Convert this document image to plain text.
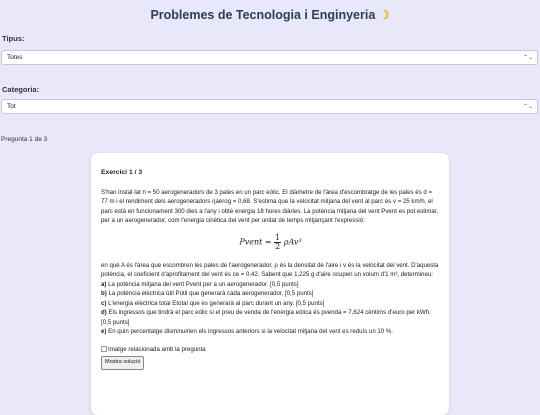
Problemes de Tecnologia i Enginyeria ☽
Tipus:
Totes	⌃⌄
Categoria:
Tot	⌃⌄
Pregunta 1 de 3
Exercici 1 / 3

S'han instal·lat n = 50 aerogeneradors de 3 pales en un parc eòlic. El diàmetre de l'àrea d'escombratge de les pales és d = 77 m i el rendiment dels aerogeneradors ηaerog = 0,68. S'estima que la velocitat mitjana del vent al parc és v = 25 km/h, el parc està en funcionament 300 dies a l'any i obté energia 18 hores diàries. La potència mitjana del vent Pvent es pot estimar, per a un aerogenerador, com l'energia cinètica del vent per unitat de temps mitjançant l'expressió:

Pvent = $\frac{1}{2} \rho Av^3$

en què A és l'àrea que escombren les pales de l'aerogenerador, ρ és la densitat de l'aire i v és la velocitat del vent. D'aquesta potència, el coeficient d'aprofitament del vent és ce = 0,42. Sabent que 1,225 g d'aire ocupen un volum d'1 m³, determineu:

a) La potència mitjana del vent Pvent per a un aerogenerador. [0,5 punts]
b) La potència elèctrica útil Pútil que generarà cada aerogenerador. [0,5 punts]
c) L'energia elèctrica total Etotal que es generarà al parc durant un any. [0,5 punts]
d) Els ingressos que tindrà el parc eòlic si el preu de venda de l'energia eòlica és pvenda = 7,624 cèntims d'euro per kWh. [0,5 punts]
e) En quin percentatge disminuirien els ingressos anteriors si la velocitat mitjana del vent es reduís un 10 %.
Imatge relacionada amb la pregunta
Mostra solució
